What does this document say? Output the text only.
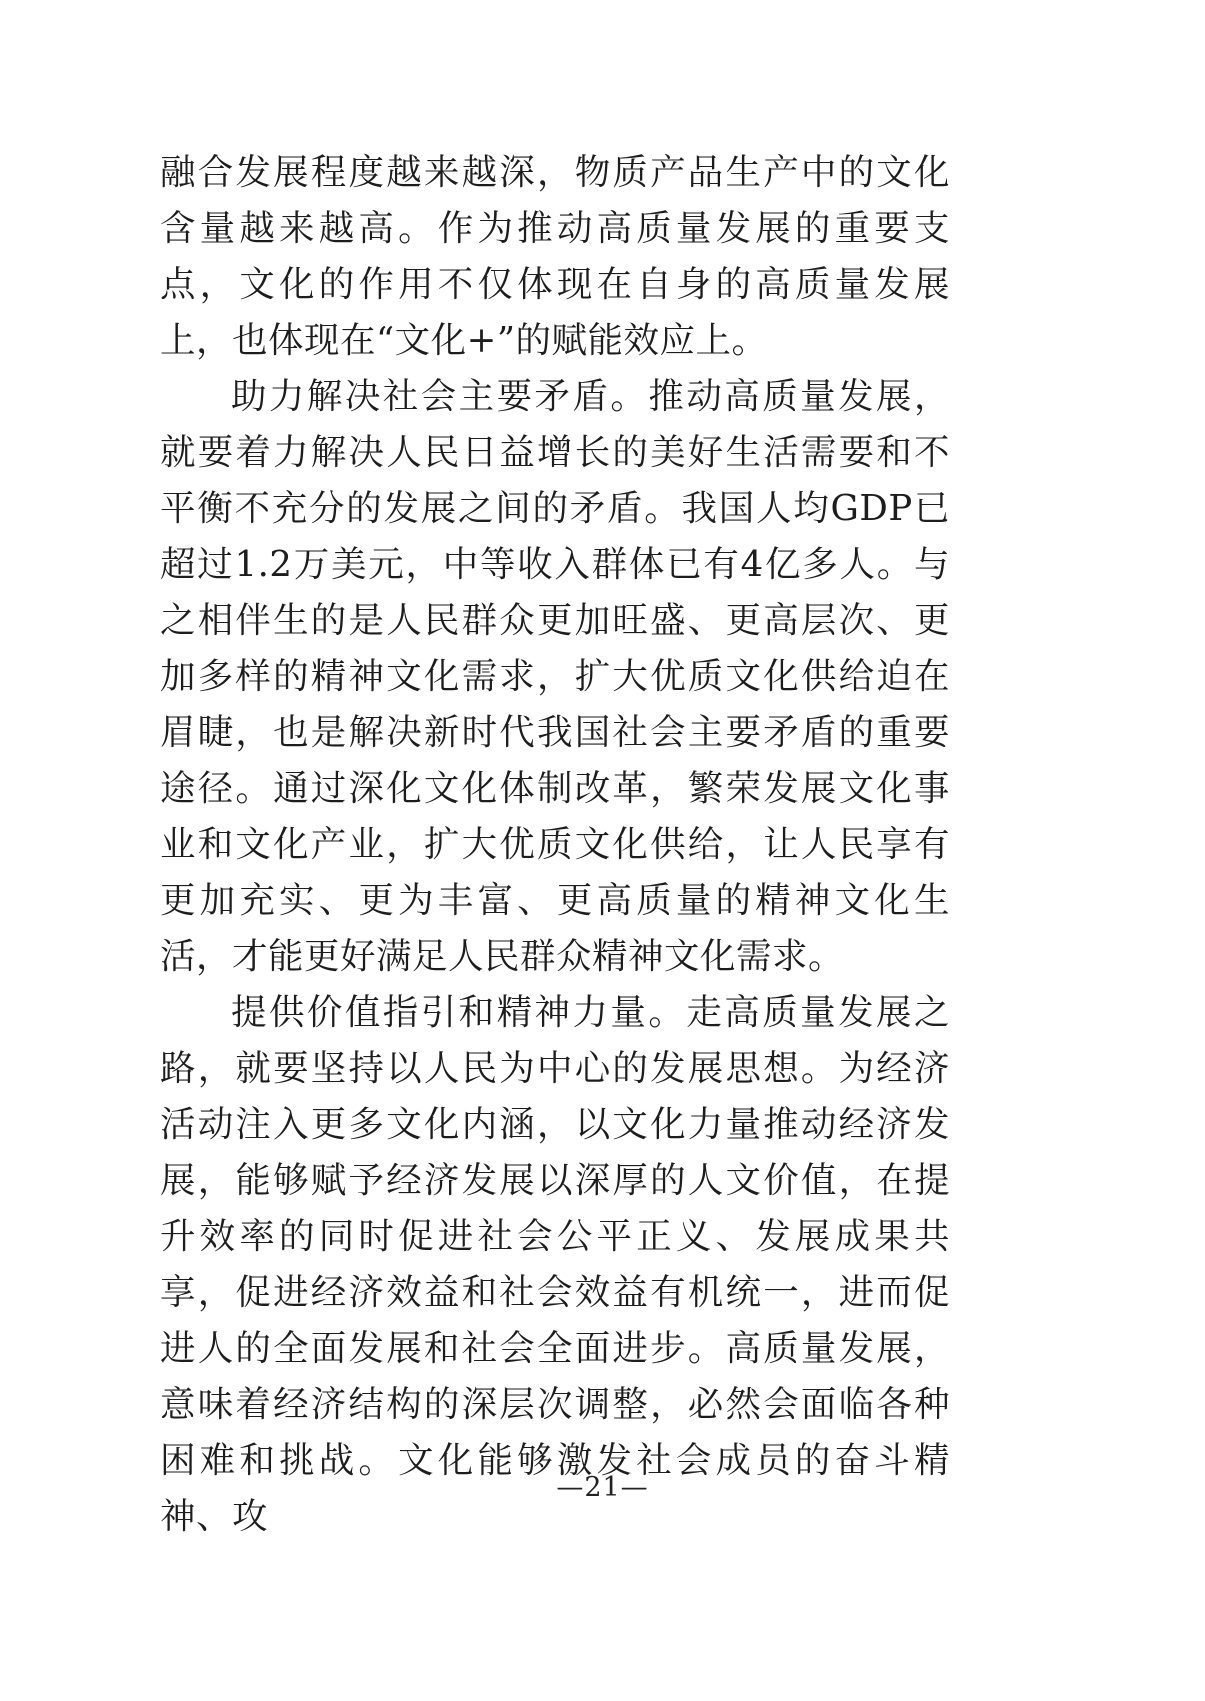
融合发展程度越来越深，物质产品生产中的文化含量越来越高。作为推动高质量发展的重要支点，文化的作用不仅体现在自身的高质量发展上，也体现在“文化+”的赋能效应上。

助力解决社会主要矛盾。推动高质量发展，就要着力解决人民日益增长的美好生活需要和不平衡不充分的发展之间的矛盾。我国人均GDP已超过1.2万美元，中等收入群体已有4亿多人。与之相伴生的是人民群众更加旺盛、更高层次、更加多样的精神文化需求，扩大优质文化供给迫在眉睫，也是解决新时代我国社会主要矛盾的重要途径。通过深化文化体制改革，繁荣发展文化事业和文化产业，扩大优质文化供给，让人民享有更加充实、更为丰富、更高质量的精神文化生活，才能更好满足人民群众精神文化需求。

提供价值指引和精神力量。走高质量发展之路，就要坚持以人民为中心的发展思想。为经济活动注入更多文化内涵，以文化力量推动经济发展，能够赋予经济发展以深厚的人文价值，在提升效率的同时促进社会公平正义、发展成果共享，促进经济效益和社会效益有机统一，进而促进人的全面发展和社会全面进步。高质量发展，意味着经济结构的深层次调整，必然会面临各种困难和挑战。文化能够激发社会成员的奋斗精神、攻

—21—
